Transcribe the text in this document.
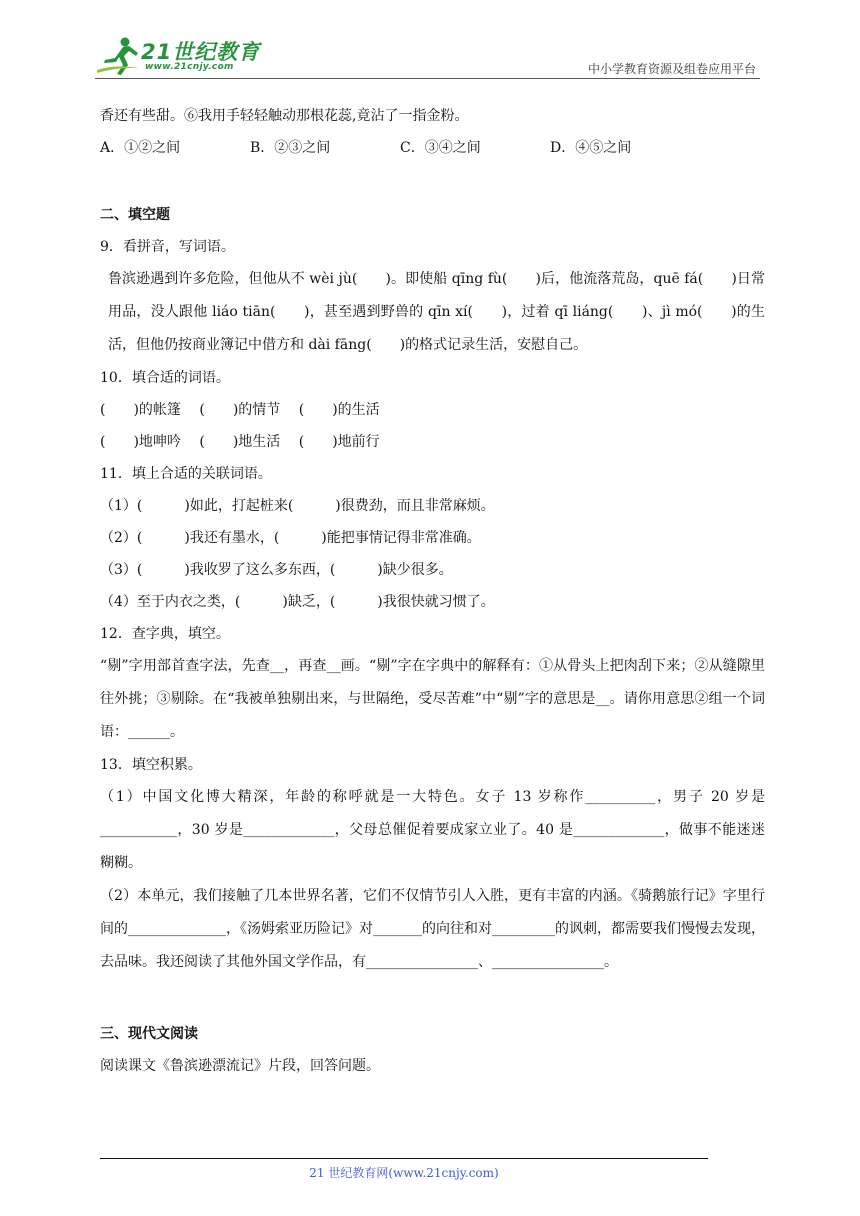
21世纪教育
www.21cnjy.com	中小学教育资源及组卷应用平台

香还有些甜。⑥我用手轻轻触动那根花蕊,竟沾了一指金粉。

A．①②之间	B．②③之间	C．③④之间	D．④⑤之间

二、填空题

9．看拼音，写词语。

鲁滨逊遇到许多危险，但他从不 wèi jù(　　)。即使船 qīng fù(　　)后，他流落荒岛，quē fá(　　)日常用品，没人跟他 liáo tiān(　　)，甚至遇到野兽的 qīn xí(　　)，过着 qī liáng(　　)、jì mó(　　)的生活，但他仍按商业簿记中借方和 dài fāng(　　)的格式记录生活，安慰自己。

10．填合适的词语。

(　　)的帐篷　 (　　)的情节　 (　　)的生活

(　　)地呻吟　 (　　)地生活　 (　　)地前行

11．填上合适的关联词语。

（1）(　　　)如此，打起桩来(　　　)很费劲，而且非常麻烦。

（2）(　　　)我还有墨水，(　　　)能把事情记得非常准确。

（3）(　　　)我收罗了这么多东西，(　　　)缺少很多。

（4）至于内衣之类，(　　　)缺乏，(　　　)我很快就习惯了。

12．查字典，填空。

“剔”字用部首查字法，先查__，再查__画。“剔”字在字典中的解释有：①从骨头上把肉刮下来；②从缝隙里往外挑；③剔除。在“我被单独剔出来，与世隔绝，受尽苦难”中“剔”字的意思是__。请你用意思②组一个词语：______。

13．填空积累。

（1）中国文化博大精深，年龄的称呼就是一大特色。女子 13 岁称作__________，男子 20 岁是___________，30 岁是_____________，父母总催促着要成家立业了。40 是_____________，做事不能迷迷糊糊。

（2）本单元，我们接触了几本世界名著，它们不仅情节引人入胜，更有丰富的内涵。《骑鹅旅行记》字里行间的______________，《汤姆索亚历险记》对_______的向往和对_________的讽刺，都需要我们慢慢去发现，去品味。我还阅读了其他外国文学作品，有________________、________________。

三、现代文阅读

阅读课文《鲁滨逊漂流记》片段，回答问题。

21 世纪教育网(www.21cnjy.com)
